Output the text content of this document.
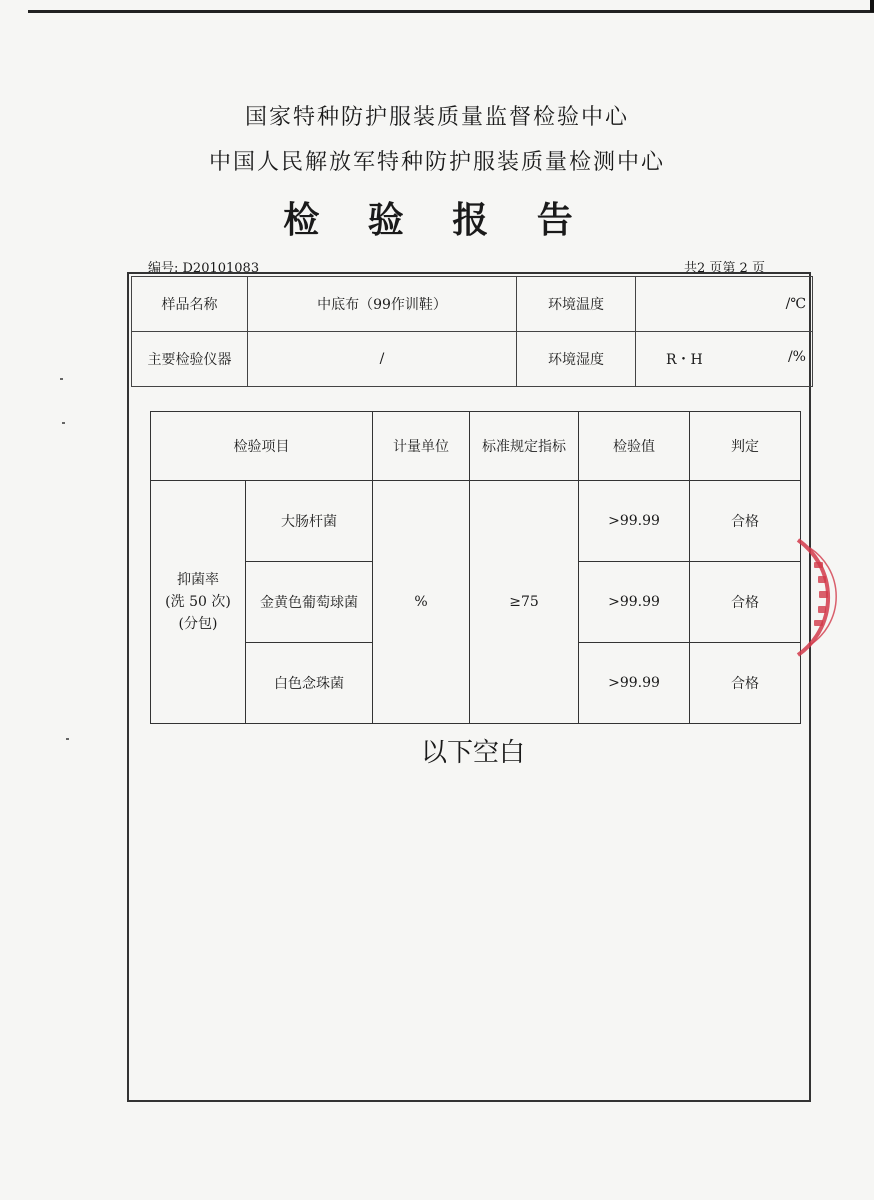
国家特种防护服装质量监督检验中心
中国人民解放军特种防护服装质量检测中心
检 验 报 告
编号: D20101083	共2 页第 2 页
样品名称	中底布（99作训鞋）	环境温度	/℃
主要检验仪器	/	环境湿度	R・H /%
检验项目		计量单位	标准规定指标	检验值	判定

抑菌率
(洗 50 次)
(分包)	大肠杆菌	%	≥75	>99.99	合格
	金黄色葡萄球菌			>99.99	合格
	白色念珠菌			>99.99	合格
以下空白
